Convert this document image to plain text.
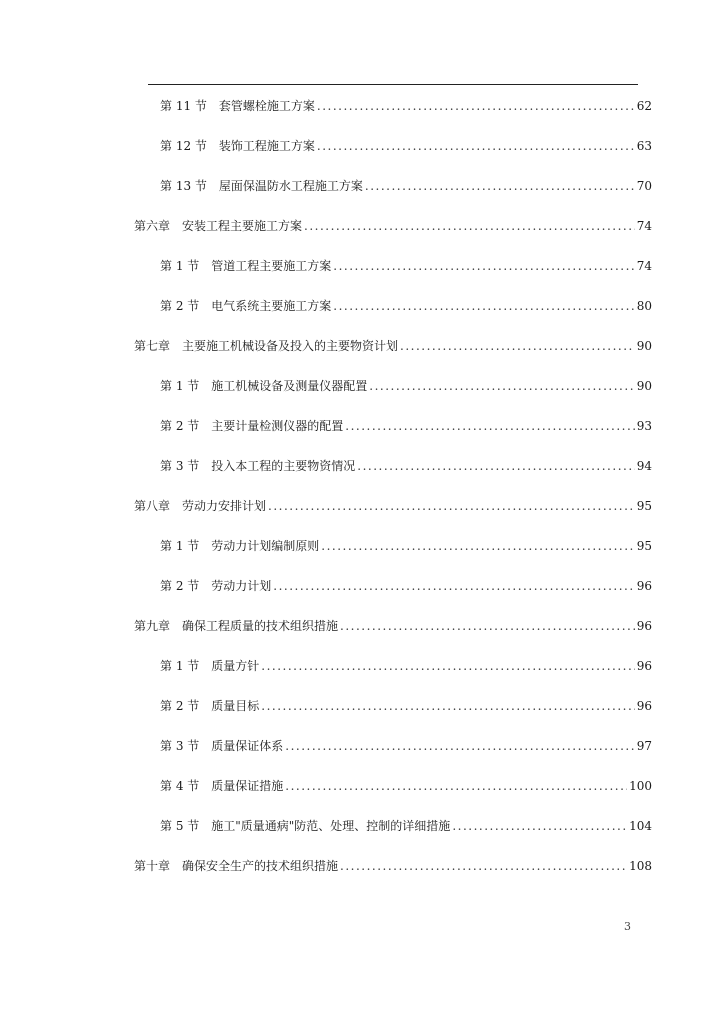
第 11 节 套管螺栓施工方案 .....	62
第 12 节 装饰工程施工方案 .....	63
第 13 节 屋面保温防水工程施工方案 .....	70
第六章 安装工程主要施工方案 .....	74
第 1 节 管道工程主要施工方案 .....	74
第 2 节 电气系统主要施工方案 .....	80
第七章 主要施工机械设备及投入的主要物资计划 .....	90
第 1 节 施工机械设备及测量仪器配置 .....	90
第 2 节 主要计量检测仪器的配置 .....	93
第 3 节 投入本工程的主要物资情况 .....	94
第八章 劳动力安排计划 .....	95
第 1 节 劳动力计划编制原则 .....	95
第 2 节 劳动力计划 .....	96
第九章 确保工程质量的技术组织措施 .....	96
第 1 节 质量方针 .....	96
第 2 节 质量目标 .....	96
第 3 节 质量保证体系 .....	97
第 4 节 质量保证措施 .....	100
第 5 节 施工"质量通病"防范、处理、控制的详细措施 .....	104
第十章 确保安全生产的技术组织措施 .....	108
3
